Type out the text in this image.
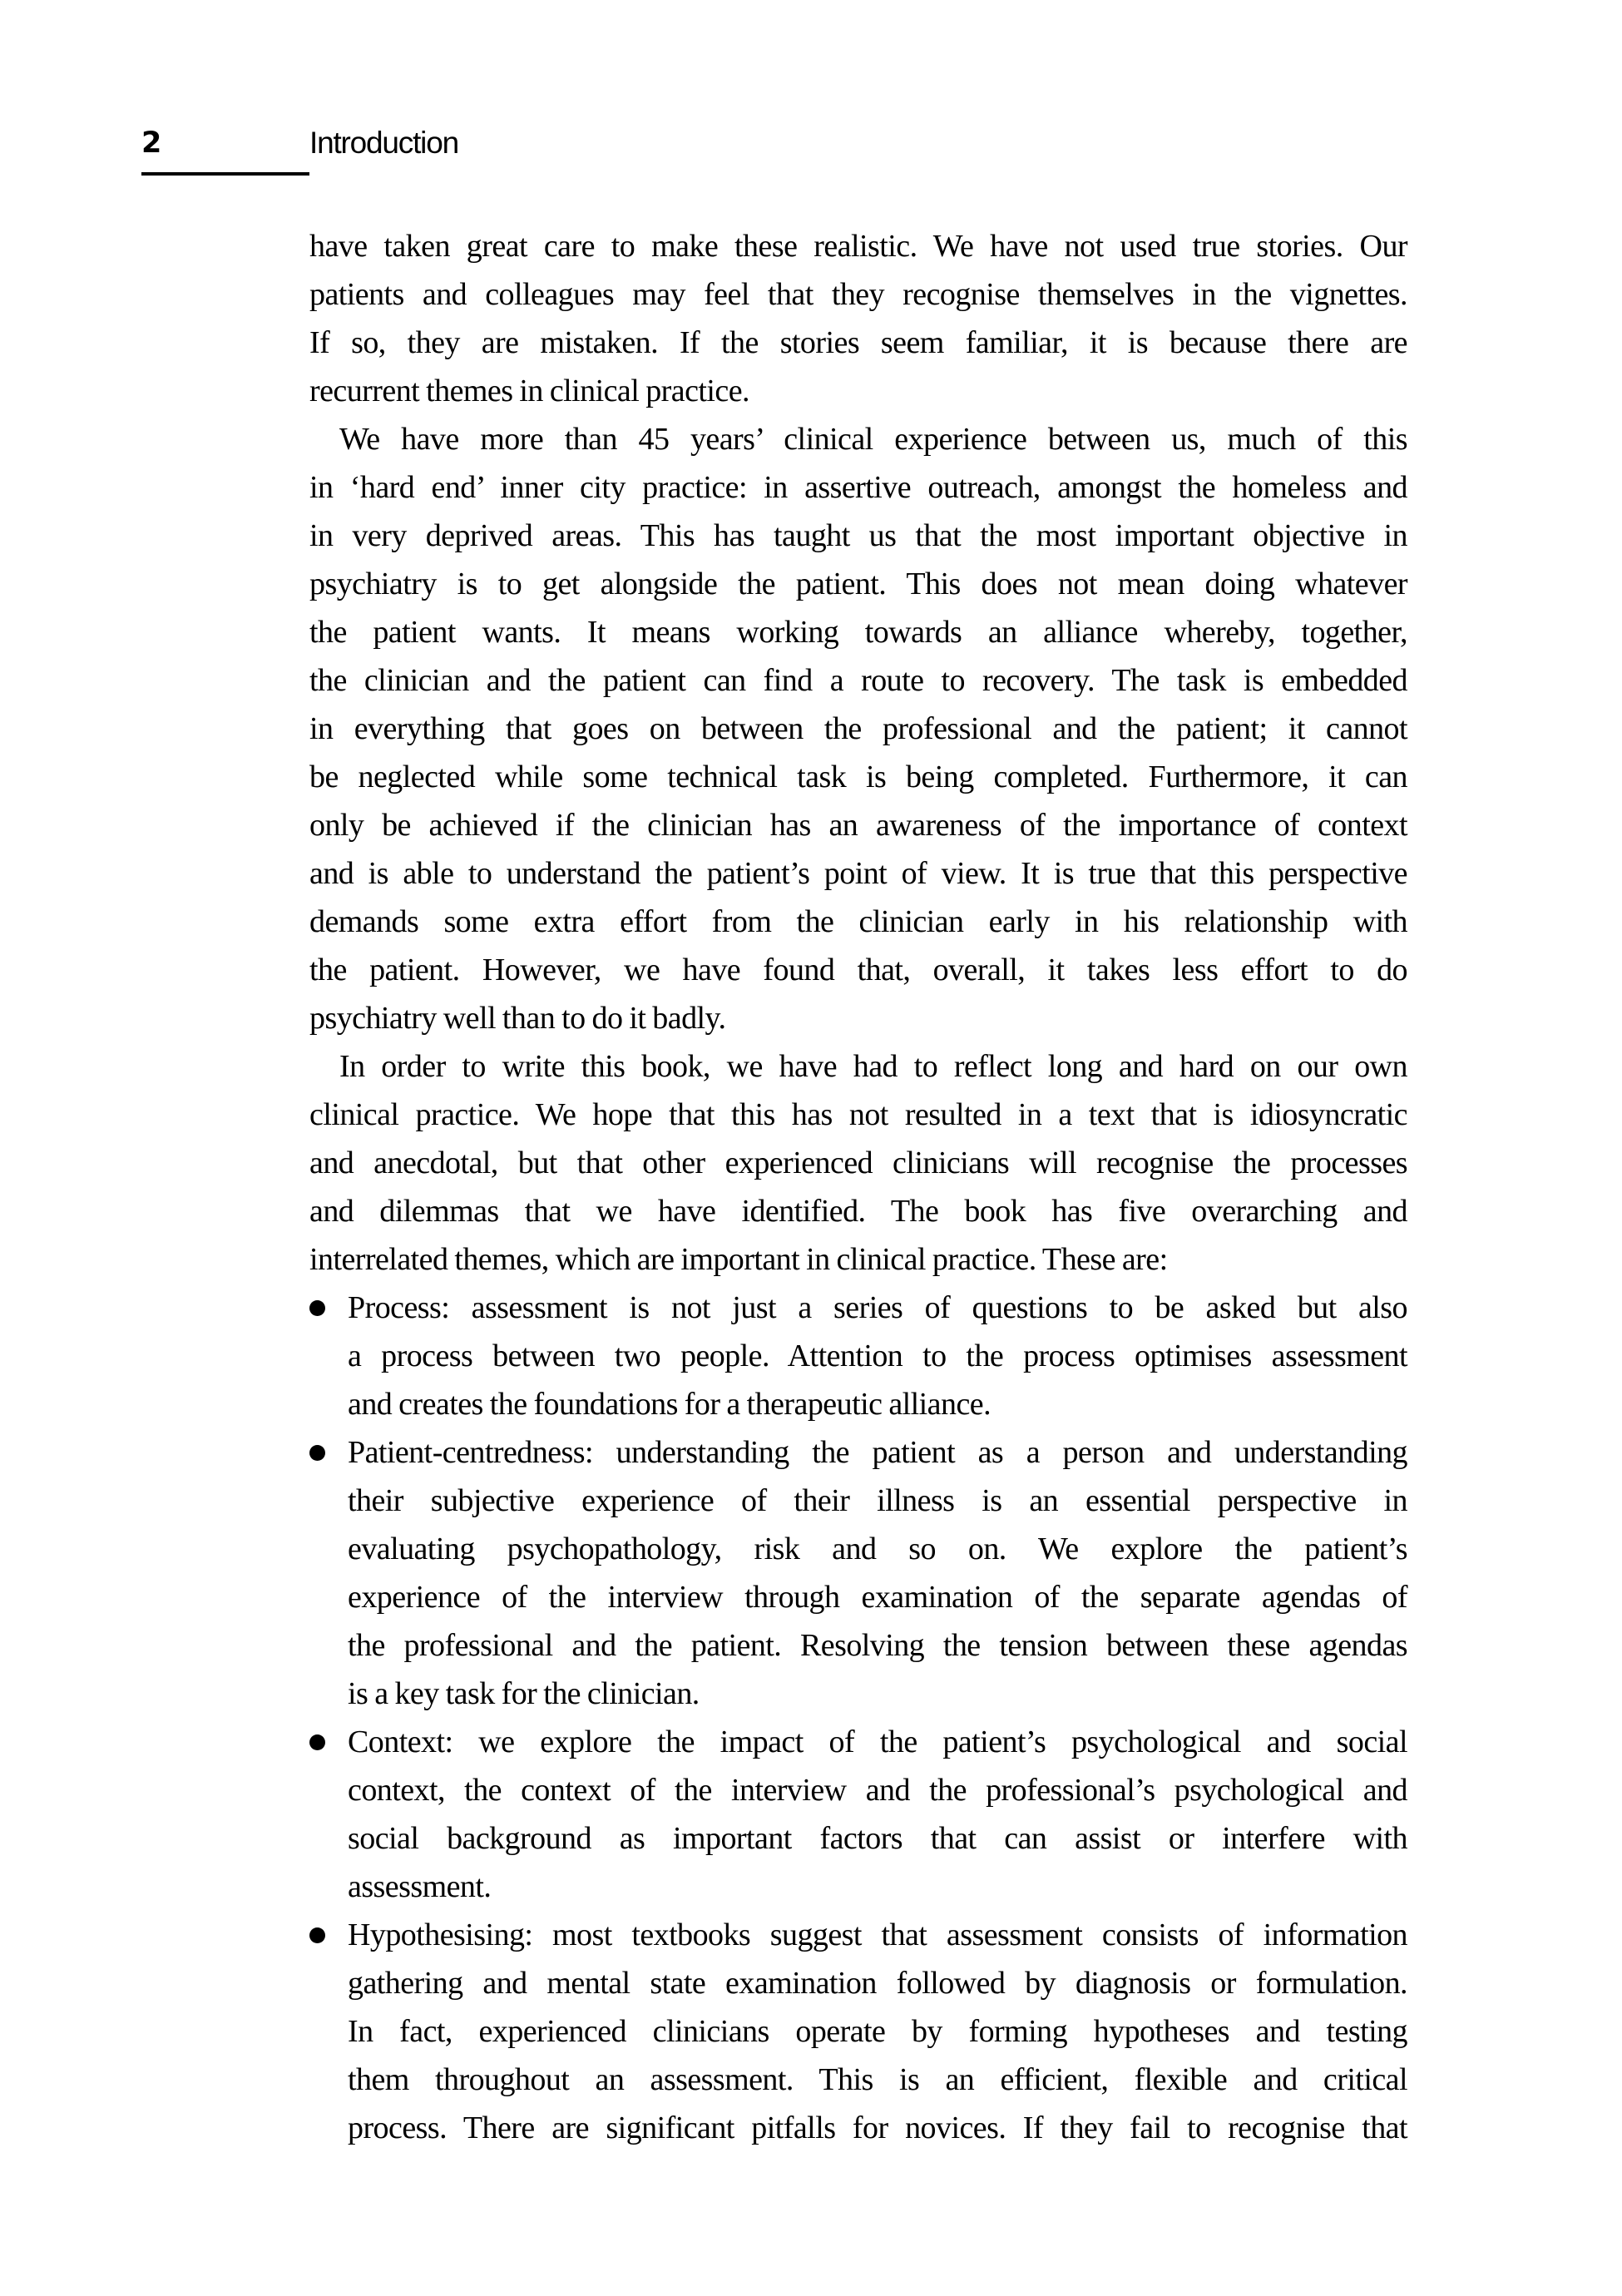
2	Introduction
have taken great care to make these realistic. We have not used true stories. Our
patients and colleagues may feel that they recognise themselves in the vignettes.
If so, they are mistaken. If the stories seem familiar, it is because there are
recurrent themes in clinical practice.
We have more than 45 years’ clinical experience between us, much of this
in ‘hard end’ inner city practice: in assertive outreach, amongst the homeless and
in very deprived areas. This has taught us that the most important objective in
psychiatry is to get alongside the patient. This does not mean doing whatever
the patient wants. It means working towards an alliance whereby, together,
the clinician and the patient can find a route to recovery. The task is embedded
in everything that goes on between the professional and the patient; it cannot
be neglected while some technical task is being completed. Furthermore, it can
only be achieved if the clinician has an awareness of the importance of context
and is able to understand the patient’s point of view. It is true that this perspective
demands some extra effort from the clinician early in his relationship with
the patient. However, we have found that, overall, it takes less effort to do
psychiatry well than to do it badly.
In order to write this book, we have had to reflect long and hard on our own
clinical practice. We hope that this has not resulted in a text that is idiosyncratic
and anecdotal, but that other experienced clinicians will recognise the processes
and dilemmas that we have identified. The book has five overarching and
interrelated themes, which are important in clinical practice. These are:
Process: assessment is not just a series of questions to be asked but also
a process between two people. Attention to the process optimises assessment
and creates the foundations for a therapeutic alliance.
Patient-centredness: understanding the patient as a person and understanding
their subjective experience of their illness is an essential perspective in
evaluating psychopathology, risk and so on. We explore the patient’s
experience of the interview through examination of the separate agendas of
the professional and the patient. Resolving the tension between these agendas
is a key task for the clinician.
Context: we explore the impact of the patient’s psychological and social
context, the context of the interview and the professional’s psychological and
social background as important factors that can assist or interfere with
assessment.
Hypothesising: most textbooks suggest that assessment consists of information
gathering and mental state examination followed by diagnosis or formulation.
In fact, experienced clinicians operate by forming hypotheses and testing
them throughout an assessment. This is an efficient, flexible and critical
process. There are significant pitfalls for novices. If they fail to recognise that
